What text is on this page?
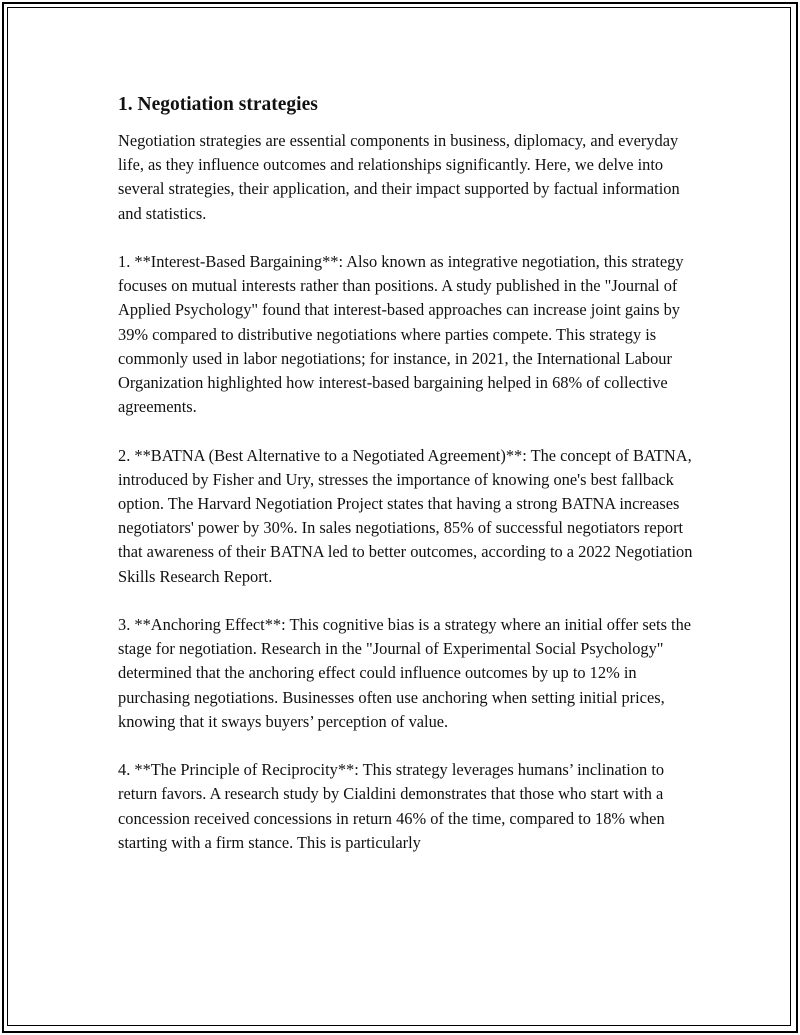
1. Negotiation strategies

Negotiation strategies are essential components in business, diplomacy, and everyday life, as they influence outcomes and relationships significantly. Here, we delve into several strategies, their application, and their impact supported by factual information and statistics.

1. **Interest-Based Bargaining**: Also known as integrative negotiation, this strategy focuses on mutual interests rather than positions. A study published in the "Journal of Applied Psychology" found that interest-based approaches can increase joint gains by 39% compared to distributive negotiations where parties compete. This strategy is commonly used in labor negotiations; for instance, in 2021, the International Labour Organization highlighted how interest-based bargaining helped in 68% of collective agreements.

2. **BATNA (Best Alternative to a Negotiated Agreement)**: The concept of BATNA, introduced by Fisher and Ury, stresses the importance of knowing one's best fallback option. The Harvard Negotiation Project states that having a strong BATNA increases negotiators' power by 30%. In sales negotiations, 85% of successful negotiators report that awareness of their BATNA led to better outcomes, according to a 2022 Negotiation Skills Research Report.

3. **Anchoring Effect**: This cognitive bias is a strategy where an initial offer sets the stage for negotiation. Research in the "Journal of Experimental Social Psychology" determined that the anchoring effect could influence outcomes by up to 12% in purchasing negotiations. Businesses often use anchoring when setting initial prices, knowing that it sways buyers’ perception of value.

4. **The Principle of Reciprocity**: This strategy leverages humans’ inclination to return favors. A research study by Cialdini demonstrates that those who start with a concession received concessions in return 46% of the time, compared to 18% when starting with a firm stance. This is particularly
